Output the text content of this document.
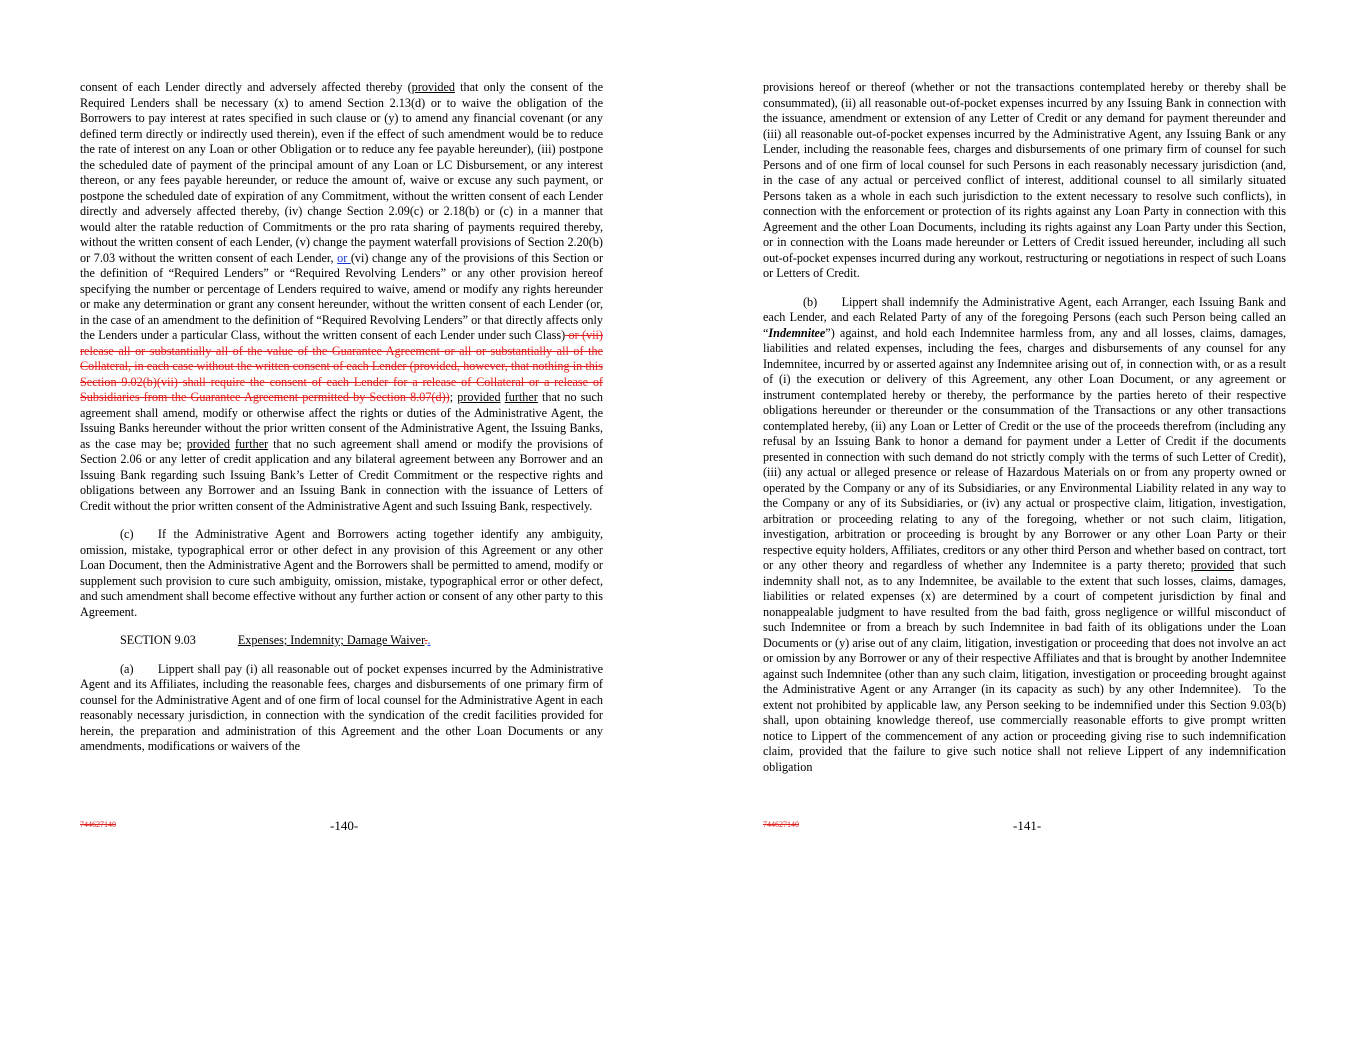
consent of each Lender directly and adversely affected thereby (provided that only the consent of the Required Lenders shall be necessary (x) to amend Section 2.13(d) or to waive the obligation of the Borrowers to pay interest at rates specified in such clause or (y) to amend any financial covenant (or any defined term directly or indirectly used therein), even if the effect of such amendment would be to reduce the rate of interest on any Loan or other Obligation or to reduce any fee payable hereunder), (iii) postpone the scheduled date of payment of the principal amount of any Loan or LC Disbursement, or any interest thereon, or any fees payable hereunder, or reduce the amount of, waive or excuse any such payment, or postpone the scheduled date of expiration of any Commitment, without the written consent of each Lender directly and adversely affected thereby, (iv) change Section 2.09(c) or 2.18(b) or (c) in a manner that would alter the ratable reduction of Commitments or the pro rata sharing of payments required thereby, without the written consent of each Lender, (v) change the payment waterfall provisions of Section 2.20(b) or 7.03 without the written consent of each Lender, or (vi) change any of the provisions of this Section or the definition of “Required Lenders” or “Required Revolving Lenders” or any other provision hereof specifying the number or percentage of Lenders required to waive, amend or modify any rights hereunder or make any determination or grant any consent hereunder, without the written consent of each Lender (or, in the case of an amendment to the definition of “Required Revolving Lenders” or that directly affects only the Lenders under a particular Class, without the written consent of each Lender under such Class) or (vii) release all or substantially all of the value of the Guarantee Agreement or all or substantially all of the Collateral, in each case without the written consent of each Lender (provided, however, that nothing in this Section 9.02(b)(vii) shall require the consent of each Lender for a release of Collateral or a release of Subsidiaries from the Guarantee Agreement permitted by Section 8.07(d)); provided further that no such agreement shall amend, modify or otherwise affect the rights or duties of the Administrative Agent, the Issuing Banks hereunder without the prior written consent of the Administrative Agent, the Issuing Banks, as the case may be; provided further that no such agreement shall amend or modify the provisions of Section 2.06 or any letter of credit application and any bilateral agreement between any Borrower and an Issuing Bank regarding such Issuing Bank’s Letter of Credit Commitment or the respective rights and obligations between any Borrower and an Issuing Bank in connection with the issuance of Letters of Credit without the prior written consent of the Administrative Agent and such Issuing Bank, respectively.

(c)  If the Administrative Agent and Borrowers acting together identify any ambiguity, omission, mistake, typographical error or other defect in any provision of this Agreement or any other Loan Document, then the Administrative Agent and the Borrowers shall be permitted to amend, modify or supplement such provision to cure such ambiguity, omission, mistake, typographical error or other defect, and such amendment shall become effective without any further action or consent of any other party to this Agreement.

SECTION 9.03	Expenses; Indemnity; Damage Waiver..

(a)  Lippert shall pay (i) all reasonable out of pocket expenses incurred by the Administrative Agent and its Affiliates, including the reasonable fees, charges and disbursements of one primary firm of counsel for the Administrative Agent and of one firm of local counsel for the Administrative Agent in each reasonably necessary jurisdiction, in connection with the syndication of the credit facilities provided for herein, the preparation and administration of this Agreement and the other Loan Documents or any amendments, modifications or waivers of the

744627140	-140-

provisions hereof or thereof (whether or not the transactions contemplated hereby or thereby shall be consummated), (ii) all reasonable out-of-pocket expenses incurred by any Issuing Bank in connection with the issuance, amendment or extension of any Letter of Credit or any demand for payment thereunder and (iii) all reasonable out-of-pocket expenses incurred by the Administrative Agent, any Issuing Bank or any Lender, including the reasonable fees, charges and disbursements of one primary firm of counsel for such Persons and of one firm of local counsel for such Persons in each reasonably necessary jurisdiction (and, in the case of any actual or perceived conflict of interest, additional counsel to all similarly situated Persons taken as a whole in each such jurisdiction to the extent necessary to resolve such conflicts), in connection with the enforcement or protection of its rights against any Loan Party in connection with this Agreement and the other Loan Documents, including its rights against any Loan Party under this Section, or in connection with the Loans made hereunder or Letters of Credit issued hereunder, including all such out-of-pocket expenses incurred during any workout, restructuring or negotiations in respect of such Loans or Letters of Credit.

(b)  Lippert shall indemnify the Administrative Agent, each Arranger, each Issuing Bank and each Lender, and each Related Party of any of the foregoing Persons (each such Person being called an “Indemnitee”) against, and hold each Indemnitee harmless from, any and all losses, claims, damages, liabilities and related expenses, including the fees, charges and disbursements of any counsel for any Indemnitee, incurred by or asserted against any Indemnitee arising out of, in connection with, or as a result of (i) the execution or delivery of this Agreement, any other Loan Document, or any agreement or instrument contemplated hereby or thereby, the performance by the parties hereto of their respective obligations hereunder or thereunder or the consummation of the Transactions or any other transactions contemplated hereby, (ii) any Loan or Letter of Credit or the use of the proceeds therefrom (including any refusal by an Issuing Bank to honor a demand for payment under a Letter of Credit if the documents presented in connection with such demand do not strictly comply with the terms of such Letter of Credit), (iii) any actual or alleged presence or release of Hazardous Materials on or from any property owned or operated by the Company or any of its Subsidiaries, or any Environmental Liability related in any way to the Company or any of its Subsidiaries, or (iv) any actual or prospective claim, litigation, investigation, arbitration or proceeding relating to any of the foregoing, whether or not such claim, litigation, investigation, arbitration or proceeding is brought by any Borrower or any other Loan Party or their respective equity holders, Affiliates, creditors or any other third Person and whether based on contract, tort or any other theory and regardless of whether any Indemnitee is a party thereto; provided that such indemnity shall not, as to any Indemnitee, be available to the extent that such losses, claims, damages, liabilities or related expenses (x) are determined by a court of competent jurisdiction by final and nonappealable judgment to have resulted from the bad faith, gross negligence or willful misconduct of such Indemnitee or from a breach by such Indemnitee in bad faith of its obligations under the Loan Documents or (y) arise out of any claim, litigation, investigation or proceeding that does not involve an act or omission by any Borrower or any of their respective Affiliates and that is brought by another Indemnitee against such Indemnitee (other than any such claim, litigation, investigation or proceeding brought against the Administrative Agent or any Arranger (in its capacity as such) by any other Indemnitee). To the extent not prohibited by applicable law, any Person seeking to be indemnified under this Section 9.03(b) shall, upon obtaining knowledge thereof, use commercially reasonable efforts to give prompt written notice to Lippert of the commencement of any action or proceeding giving rise to such indemnification claim, provided that the failure to give such notice shall not relieve Lippert of any indemnification obligation

744627140	-141-
